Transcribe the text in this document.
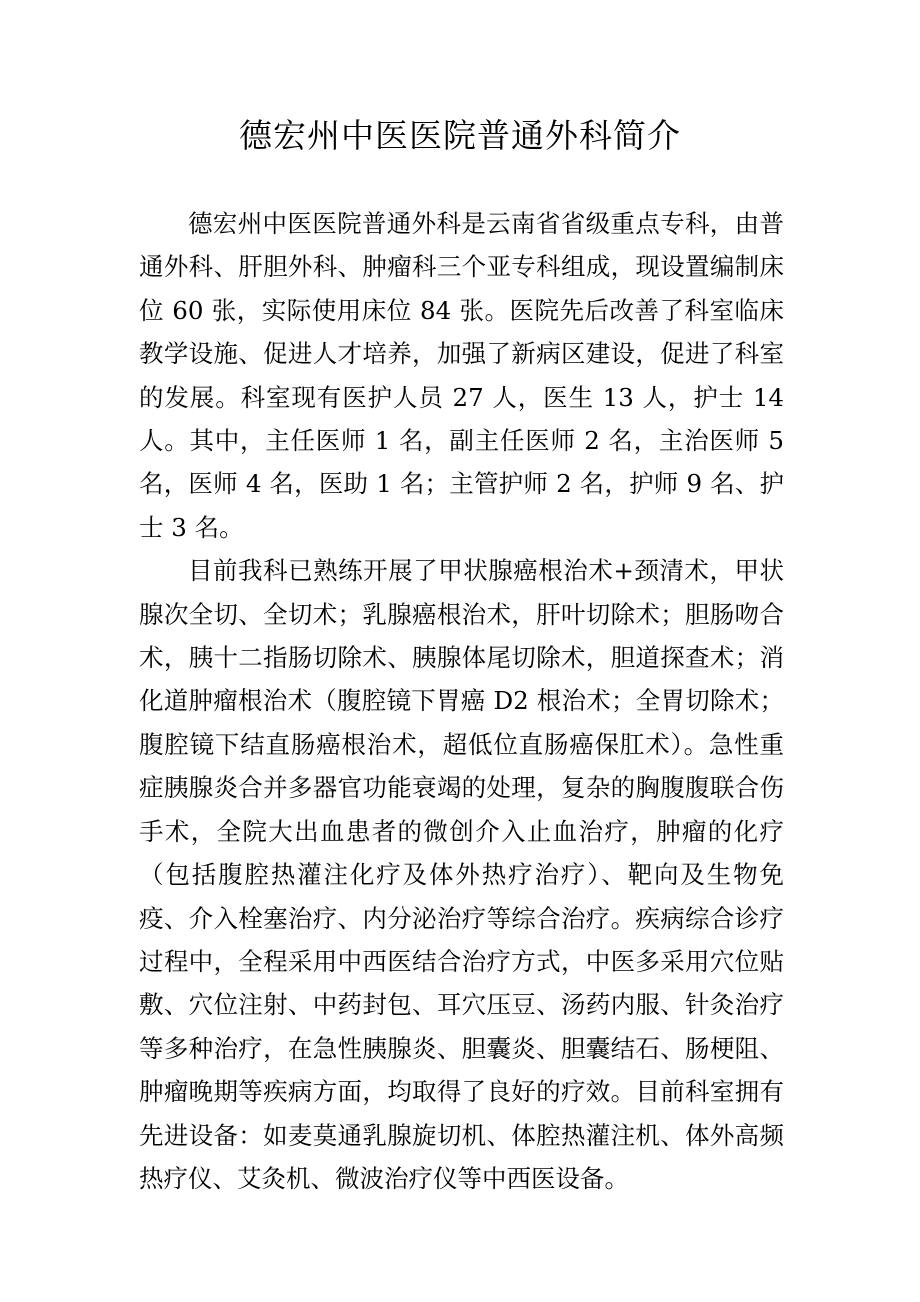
德宏州中医医院普通外科简介

德宏州中医医院普通外科是云南省省级重点专科，由普通外科、肝胆外科、肿瘤科三个亚专科组成，现设置编制床位 60 张，实际使用床位 84 张。医院先后改善了科室临床教学设施、促进人才培养，加强了新病区建设，促进了科室的发展。科室现有医护人员 27 人，医生 13 人，护士 14 人。其中，主任医师 1 名，副主任医师 2 名，主治医师 5 名，医师 4 名，医助 1 名；主管护师 2 名，护师 9 名、护士 3 名。

目前我科已熟练开展了甲状腺癌根治术+颈清术，甲状腺次全切、全切术；乳腺癌根治术，肝叶切除术；胆肠吻合术，胰十二指肠切除术、胰腺体尾切除术，胆道探查术；消化道肿瘤根治术（腹腔镜下胃癌 D2 根治术；全胃切除术；腹腔镜下结直肠癌根治术，超低位直肠癌保肛术）。急性重症胰腺炎合并多器官功能衰竭的处理，复杂的胸腹腹联合伤手术，全院大出血患者的微创介入止血治疗，肿瘤的化疗（包括腹腔热灌注化疗及体外热疗治疗）、靶向及生物免疫、介入栓塞治疗、内分泌治疗等综合治疗。疾病综合诊疗过程中，全程采用中西医结合治疗方式，中医多采用穴位贴敷、穴位注射、中药封包、耳穴压豆、汤药内服、针灸治疗等多种治疗，在急性胰腺炎、胆囊炎、胆囊结石、肠梗阻、肿瘤晚期等疾病方面，均取得了良好的疗效。目前科室拥有先进设备：如麦莫通乳腺旋切机、体腔热灌注机、体外高频热疗仪、艾灸机、微波治疗仪等中西医设备。
